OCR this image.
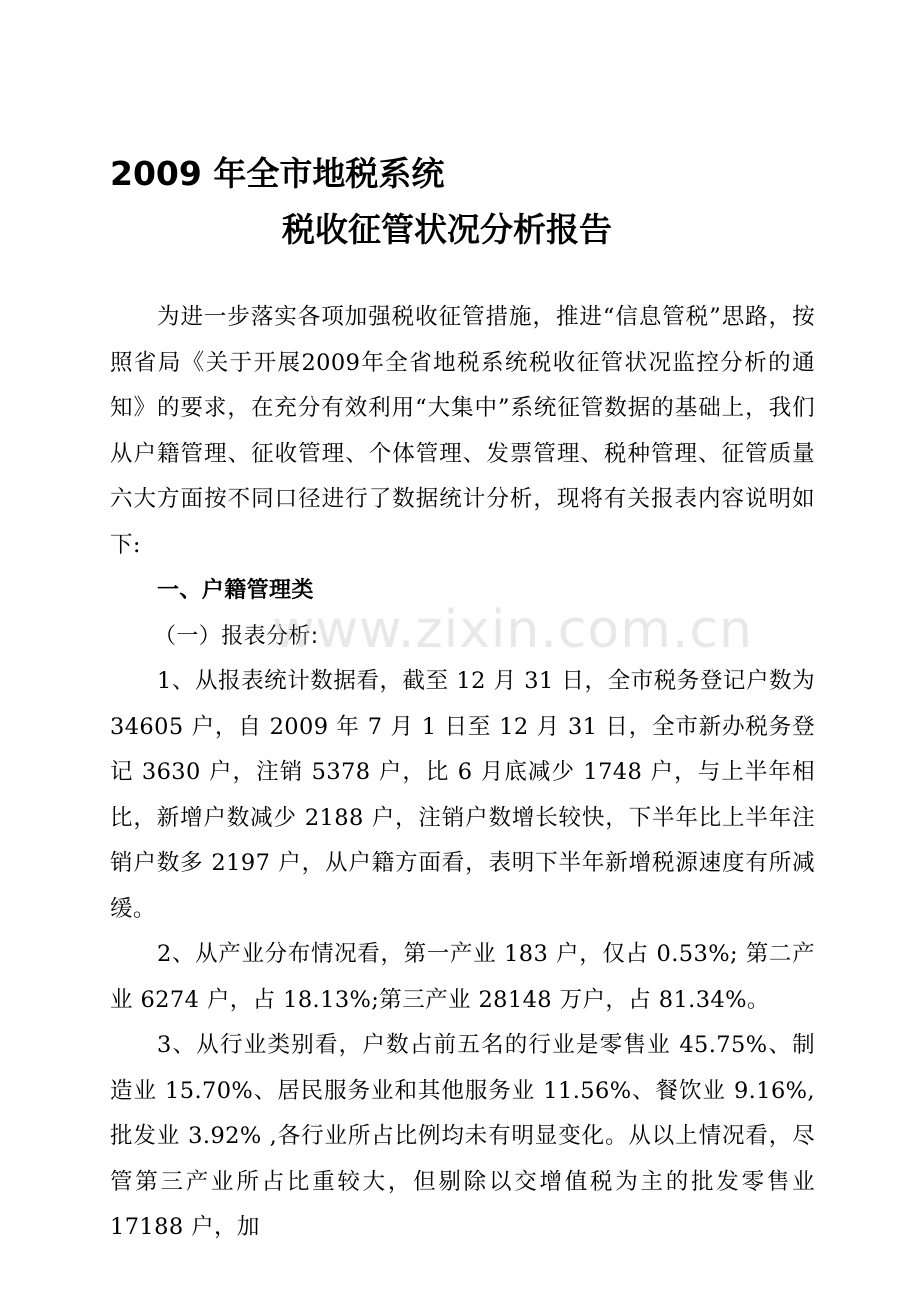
2009 年全市地税系统
税收征管状况分析报告

为进一步落实各项加强税收征管措施，推进“信息管税”思路，按照省局《关于开展2009年全省地税系统税收征管状况监控分析的通知》的要求，在充分有效利用“大集中”系统征管数据的基础上，我们从户籍管理、征收管理、个体管理、发票管理、税种管理、征管质量六大方面按不同口径进行了数据统计分析，现将有关报表内容说明如下:

一、户籍管理类

（一）报表分析:

1、从报表统计数据看，截至 12 月 31 日，全市税务登记户数为 34605 户，自 2009 年 7 月 1 日至 12 月 31 日，全市新办税务登记 3630 户，注销 5378 户，比 6 月底减少 1748 户，与上半年相比，新增户数减少 2188 户，注销户数增长较快，下半年比上半年注销户数多 2197 户，从户籍方面看，表明下半年新增税源速度有所减缓。

2、从产业分布情况看，第一产业 183 户，仅占 0.53%; 第二产业 6274 户，占 18.13%;第三产业 28148 万户，占 81.34%。

3、从行业类别看，户数占前五名的行业是零售业 45.75%、制造业 15.70%、居民服务业和其他服务业 11.56%、餐饮业 9.16%,批发业 3.92% ,各行业所占比例均未有明显变化。从以上情况看，尽管第三产业所占比重较大，但剔除以交增值税为主的批发零售业 17188 户，加

www.zixin.com.cn
